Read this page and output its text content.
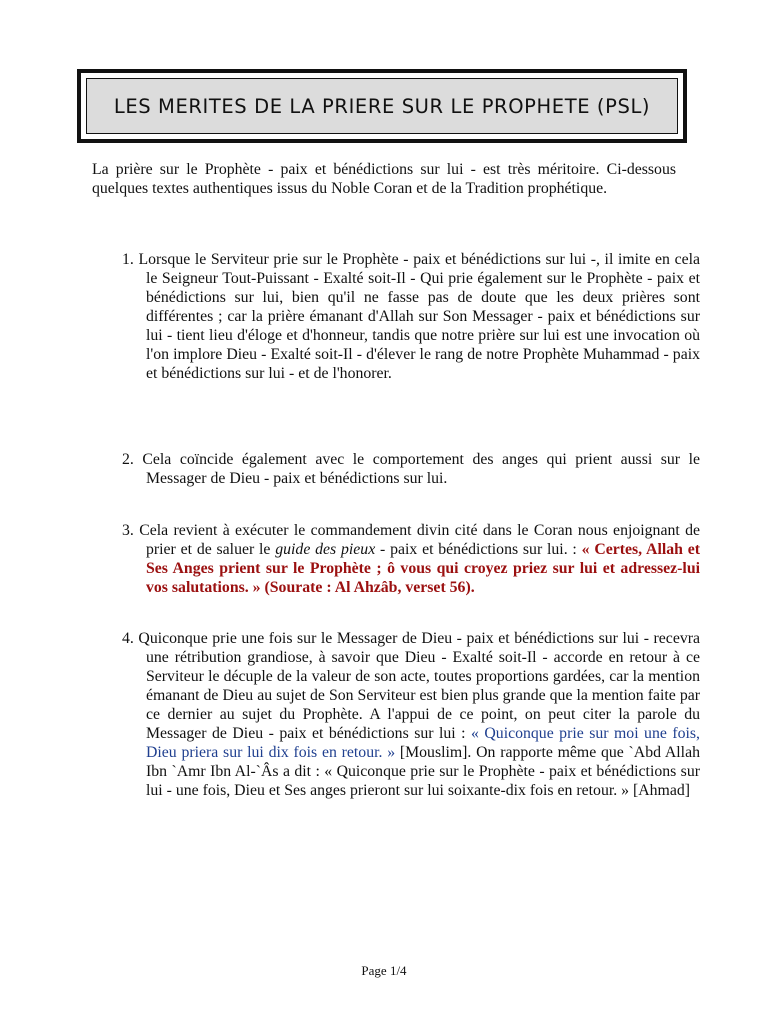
LES MERITES DE LA PRIERE SUR LE PROPHETE (PSL)

La prière sur le Prophète - paix et bénédictions sur lui - est très méritoire. Ci-dessous quelques textes authentiques issus du Noble Coran et de la Tradition prophétique.

1. Lorsque le Serviteur prie sur le Prophète - paix et bénédictions sur lui -, il imite en cela le Seigneur Tout-Puissant - Exalté soit-Il - Qui prie également sur le Prophète - paix et bénédictions sur lui, bien qu'il ne fasse pas de doute que les deux prières sont différentes ; car la prière émanant d'Allah sur Son Messager - paix et bénédictions sur lui - tient lieu d'éloge et d'honneur, tandis que notre prière sur lui est une invocation où l'on implore Dieu - Exalté soit-Il - d'élever le rang de notre Prophète Muhammad - paix et bénédictions sur lui - et de l'honorer.

2. Cela coïncide également avec le comportement des anges qui prient aussi sur le Messager de Dieu - paix et bénédictions sur lui.

3. Cela revient à exécuter le commandement divin cité dans le Coran nous enjoignant de prier et de saluer le guide des pieux - paix et bénédictions sur lui. : « Certes, Allah et Ses Anges prient sur le Prophète ; ô vous qui croyez priez sur lui et adressez-lui vos salutations. » (Sourate : Al Ahzâb, verset 56).

4. Quiconque prie une fois sur le Messager de Dieu - paix et bénédictions sur lui - recevra une rétribution grandiose, à savoir que Dieu - Exalté soit-Il - accorde en retour à ce Serviteur le décuple de la valeur de son acte, toutes proportions gardées, car la mention émanant de Dieu au sujet de Son Serviteur est bien plus grande que la mention faite par ce dernier au sujet du Prophète. A l'appui de ce point, on peut citer la parole du Messager de Dieu - paix et bénédictions sur lui : « Quiconque prie sur moi une fois, Dieu priera sur lui dix fois en retour. » [Mouslim]. On rapporte même que `Abd Allah Ibn `Amr Ibn Al-`Âs a dit : « Quiconque prie sur le Prophète - paix et bénédictions sur lui - une fois, Dieu et Ses anges prieront sur lui soixante-dix fois en retour. » [Ahmad]

Page 1/4
